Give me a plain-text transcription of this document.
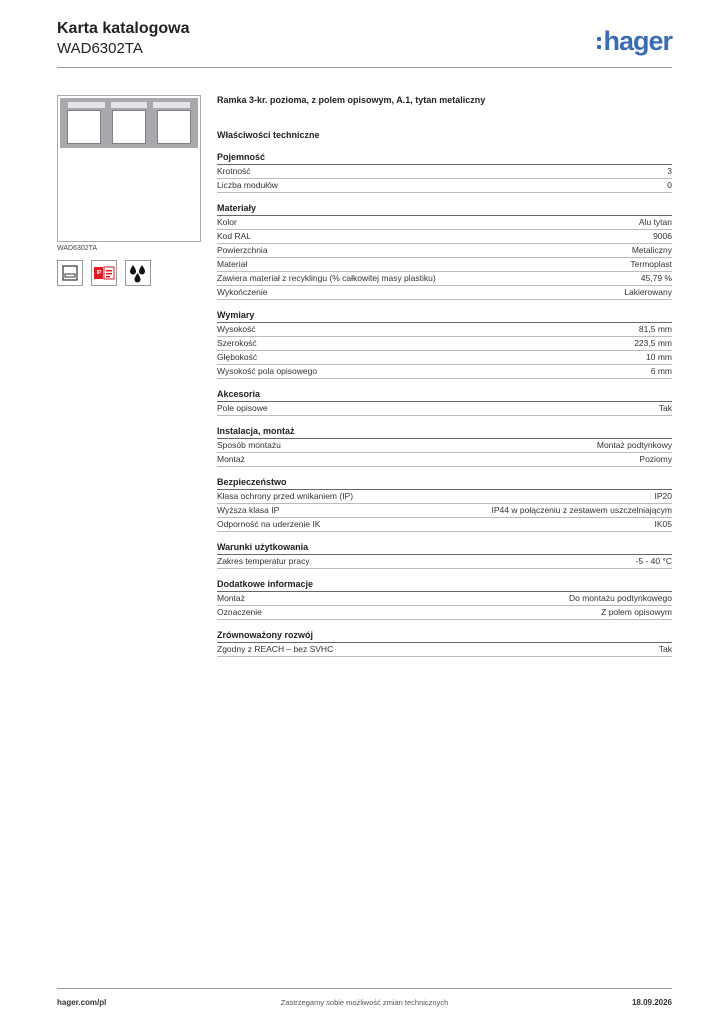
Karta katalogowa
WAD6302TA	hager
WAD6302TA
IP
Ramka 3-kr. pozioma, z polem opisowym, A.1, tytan metaliczny
Właściwości techniczne
Pojemność
Krotność	3
Liczba modułów	0
Materiały
Kolor	Alu tytan
Kod RAL	9006
Powierzchnia	Metaliczny
Materiał	Termoplast
Zawiera materiał z recyklingu (% całkowitej masy plastiku)	45,79 %
Wykończenie	Lakierowany
Wymiary
Wysokość	81,5 mm
Szerokość	223,5 mm
Głębokość	10 mm
Wysokość pola opisowego	6 mm
Akcesoria
Pole opisowe	Tak
Instalacja, montaż
Sposób montażu	Montaż podtynkowy
Montaż	Poziomy
Bezpieczeństwo
Klasa ochrony przed wnikaniem (IP)	IP20
Wyższa klasa IP	IP44 w połączeniu z zestawem uszczelniającym
Odporność na uderzenie IK	IK05
Warunki użytkowania
Zakres temperatur pracy	-5 - 40 °C
Dodatkowe informacje
Montaż	Do montażu podtynkowego
Oznaczenie	Z polem opisowym
Zrównoważony rozwój
Zgodny z REACH – bez SVHC	Tak
hager.com/pl	Zastrzegamy sobie możliwość zmian technicznych	18.09.2026
